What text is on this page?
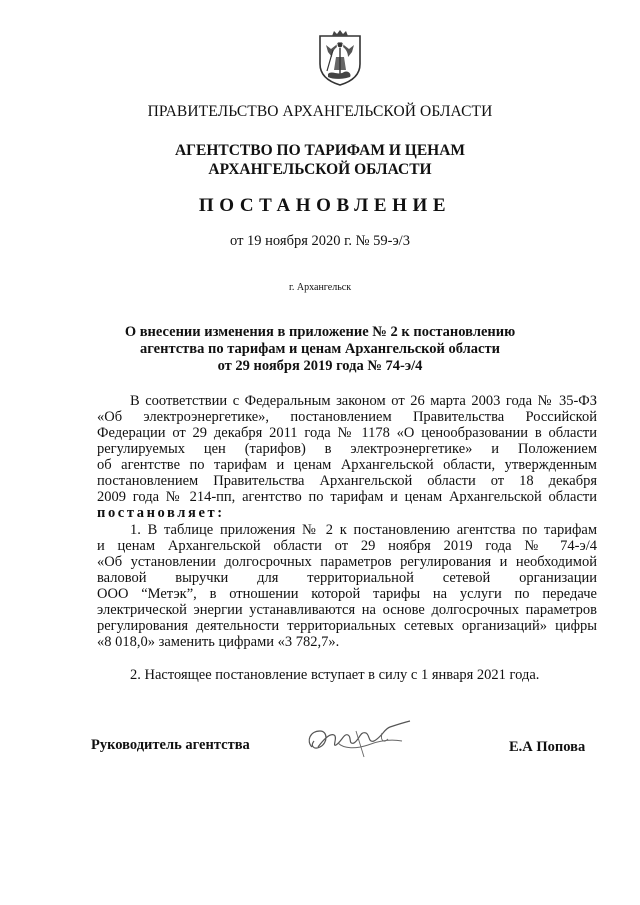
ПРАВИТЕЛЬСТВО АРХАНГЕЛЬСКОЙ ОБЛАСТИ
АГЕНТСТВО ПО ТАРИФАМ И ЦЕНАМ
АРХАНГЕЛЬСКОЙ ОБЛАСТИ
ПОСТАНОВЛЕНИЕ
от 19 ноября 2020 г. № 59-э/3
г. Архангельск
О внесении изменения в приложение № 2 к постановлению
агентства по тарифам и ценам Архангельской области
от 29 ноября 2019 года № 74-э/4
В соответствии с Федеральным законом от 26 марта 2003 года № 35-ФЗ
«Об электроэнергетике», постановлением Правительства Российской
Федерации от 29 декабря 2011 года № 1178 «О ценообразовании в области
регулируемых цен (тарифов) в электроэнергетике» и Положением
об агентстве по тарифам и ценам Архангельской области, утвержденным
постановлением Правительства Архангельской области от 18 декабря
2009 года № 214-пп, агентство по тарифам и ценам Архангельской области
постановляет:
1. В таблице приложения № 2 к постановлению агентства по тарифам
и ценам Архангельской области от 29 ноября 2019 года № 74-э/4
«Об установлении долгосрочных параметров регулирования и необходимой
валовой выручки для территориальной сетевой организации
ООО “Метэк”, в отношении которой тарифы на услуги по передаче
электрической энергии устанавливаются на основе долгосрочных параметров
регулирования деятельности территориальных сетевых организаций» цифры
«8 018,0» заменить цифрами «3 782,7».
2. Настоящее постановление вступает в силу с 1 января 2021 года.
Руководитель агентства	Е.А Попова
